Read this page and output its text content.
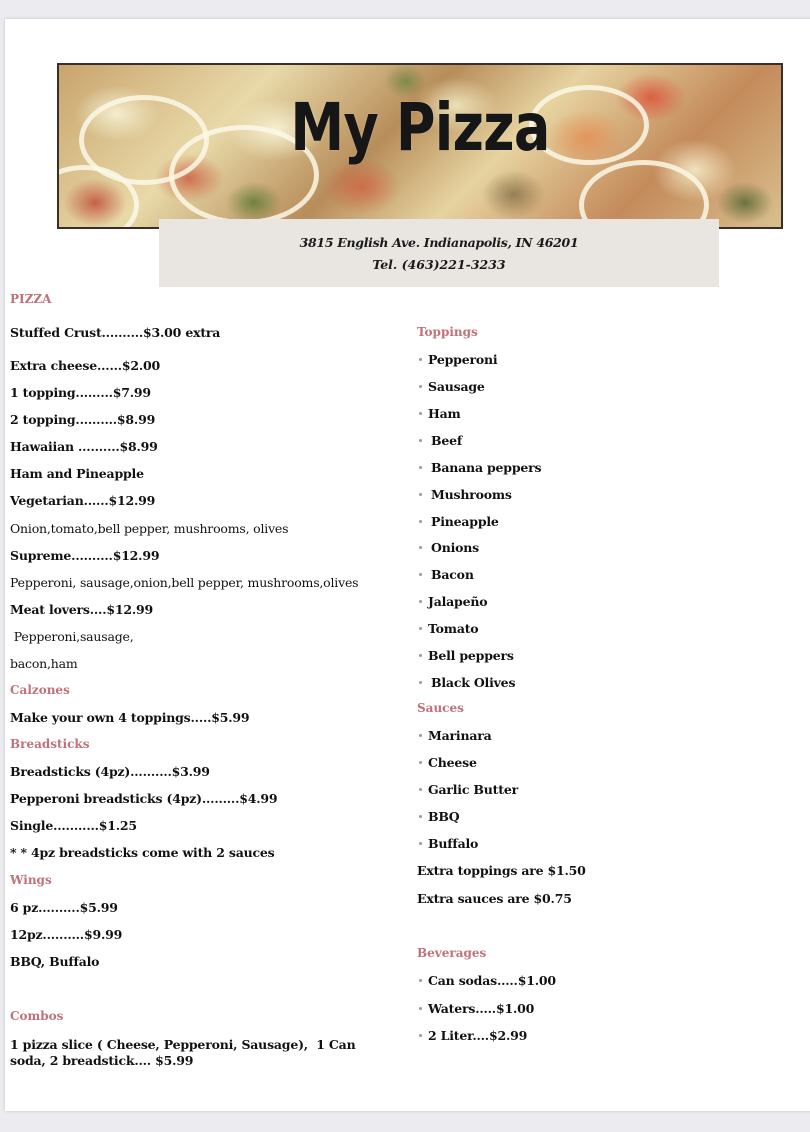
My Pizza
3815 English Ave. Indianapolis, IN 46201
Tel. (463)221-3233
PIZZA
Stuffed Crust..........$3.00 extra
Extra cheese......$2.00
1 topping.........$7.99
2 topping..........$8.99
Hawaiian ..........$8.99
Ham and Pineapple
Vegetarian......$12.99
Onion,tomato,bell pepper, mushrooms, olives
Supreme..........$12.99
Pepperoni, sausage,onion,bell pepper, mushrooms,olives
Meat lovers....$12.99
Pepperoni,sausage,
bacon,ham
Calzones
Make your own 4 toppings.....$5.99
Breadsticks
Breadsticks (4pz)..........$3.99
Pepperoni breadsticks (4pz).........$4.99
Single...........$1.25
* * 4pz breadsticks come with 2 sauces
Wings
6 pz..........$5.99
12pz..........$9.99
BBQ, Buffalo
Combos
1 pizza slice ( Cheese, Pepperoni, Sausage),  1 Can
soda, 2 breadstick.... $5.99
Toppings
Pepperoni
Sausage
Ham
Beef
Banana peppers
Mushrooms
Pineapple
Onions
Bacon
Jalapeño
Tomato
Bell peppers
Black Olives
Sauces
Marinara
Cheese
Garlic Butter
BBQ
Buffalo
Extra toppings are $1.50
Extra sauces are $0.75
Beverages
Can sodas.....$1.00
Waters.....$1.00
2 Liter....$2.99
